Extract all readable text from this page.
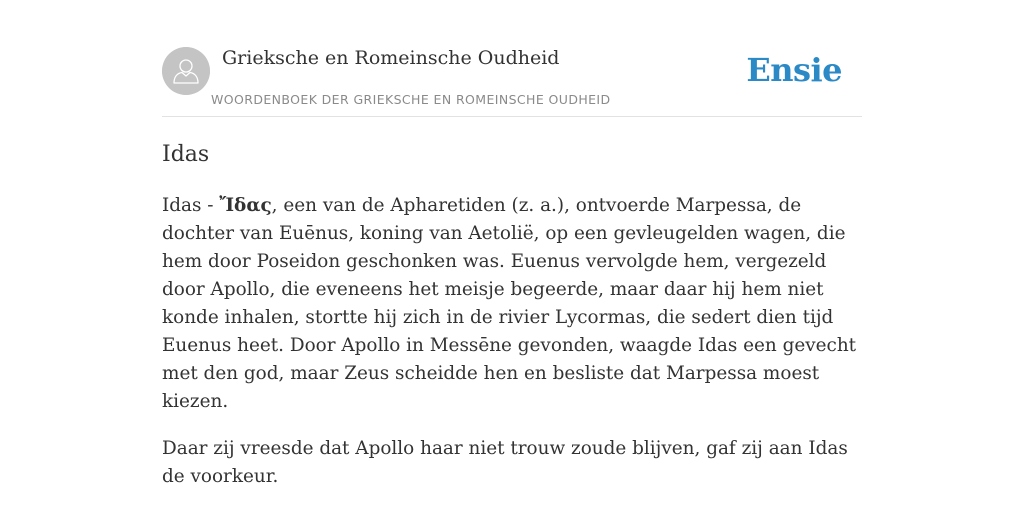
Grieksche en Romeinsche Oudheid
WOORDENBOEK DER GRIEKSCHE EN ROMEINSCHE OUDHEID
Ensie
Idas

Idas - Ἴδας, een van de Apharetiden (z. a.), ontvoerde Marpessa, de dochter van Euēnus, koning van Aetolië, op een gevleugelden wagen, die hem door Poseidon geschonken was. Euenus vervolgde hem, vergezeld door Apollo, die eveneens het meisje begeerde, maar daar hij hem niet konde inhalen, stortte hij zich in de rivier Lycormas, die sedert dien tijd Euenus heet. Door Apollo in Messēne gevonden, waagde Idas een gevecht met den god, maar Zeus scheidde hen en besliste dat Marpessa moest kiezen.

Daar zij vreesde dat Apollo haar niet trouw zoude blijven, gaf zij aan Idas de voorkeur.
